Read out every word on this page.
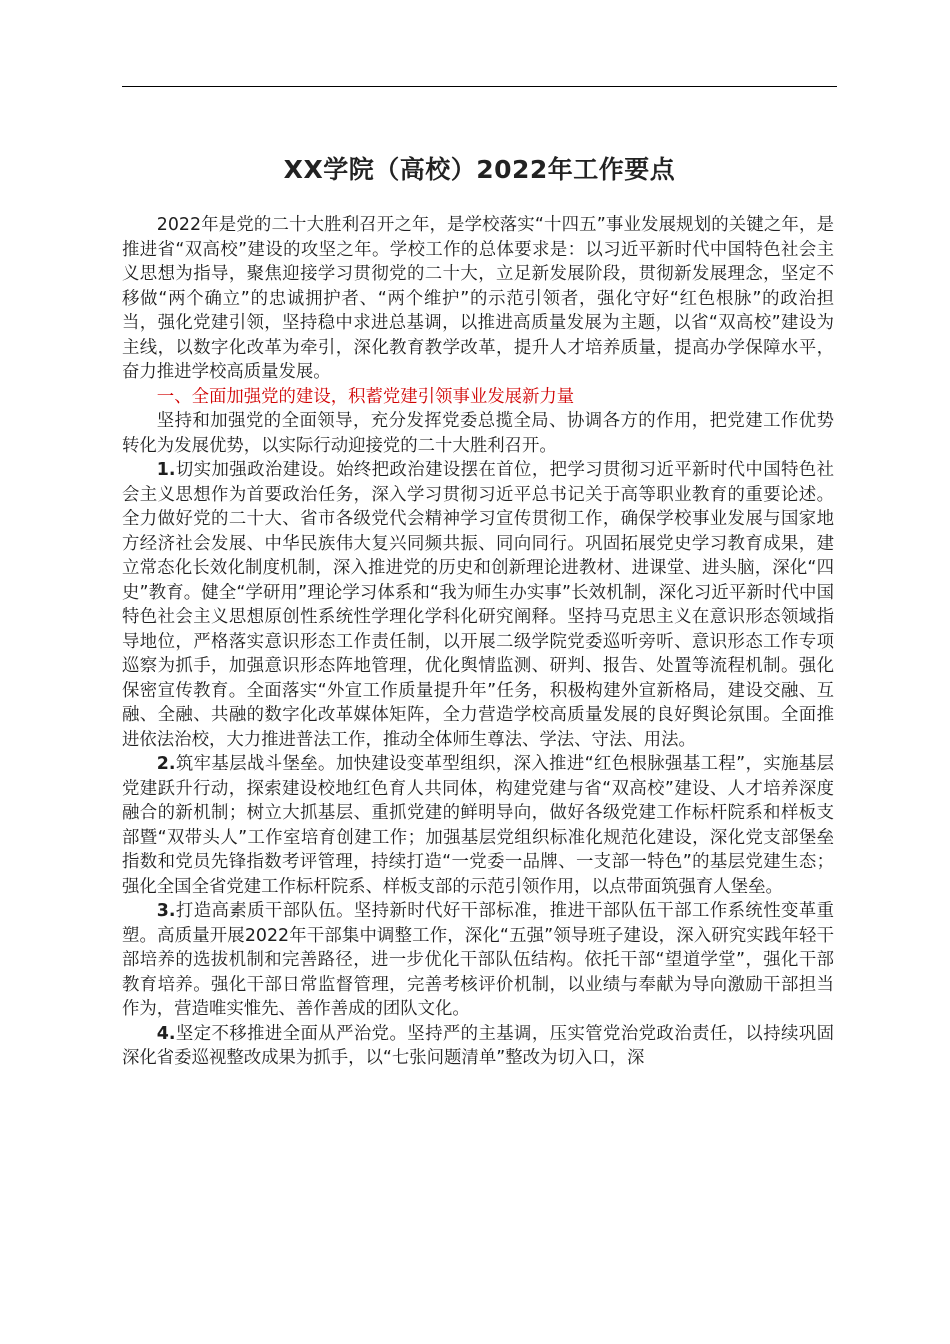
XX学院（高校）2022年工作要点

2022年是党的二十大胜利召开之年，是学校落实“十四五”事业发展规划的关键之年，是推进省“双高校”建设的攻坚之年。学校工作的总体要求是：以习近平新时代中国特色社会主义思想为指导，聚焦迎接学习贯彻党的二十大，立足新发展阶段，贯彻新发展理念，坚定不移做“两个确立”的忠诚拥护者、“两个维护”的示范引领者，强化守好“红色根脉”的政治担当，强化党建引领，坚持稳中求进总基调，以推进高质量发展为主题，以省“双高校”建设为主线，以数字化改革为牵引，深化教育教学改革，提升人才培养质量，提高办学保障水平，奋力推进学校高质量发展。

一、全面加强党的建设，积蓄党建引领事业发展新力量

坚持和加强党的全面领导，充分发挥党委总揽全局、协调各方的作用，把党建工作优势转化为发展优势，以实际行动迎接党的二十大胜利召开。

1.切实加强政治建设。始终把政治建设摆在首位，把学习贯彻习近平新时代中国特色社会主义思想作为首要政治任务，深入学习贯彻习近平总书记关于高等职业教育的重要论述。全力做好党的二十大、省市各级党代会精神学习宣传贯彻工作，确保学校事业发展与国家地方经济社会发展、中华民族伟大复兴同频共振、同向同行。巩固拓展党史学习教育成果，建立常态化长效化制度机制，深入推进党的历史和创新理论进教材、进课堂、进头脑，深化“四史”教育。健全“学研用”理论学习体系和“我为师生办实事”长效机制，深化习近平新时代中国特色社会主义思想原创性系统性学理化学科化研究阐释。坚持马克思主义在意识形态领域指导地位，严格落实意识形态工作责任制，以开展二级学院党委巡听旁听、意识形态工作专项巡察为抓手，加强意识形态阵地管理，优化舆情监测、研判、报告、处置等流程机制。强化保密宣传教育。全面落实“外宣工作质量提升年”任务，积极构建外宣新格局，建设交融、互融、全融、共融的数字化改革媒体矩阵，全力营造学校高质量发展的良好舆论氛围。全面推进依法治校，大力推进普法工作，推动全体师生尊法、学法、守法、用法。

2.筑牢基层战斗堡垒。加快建设变革型组织，深入推进“红色根脉强基工程”，实施基层党建跃升行动，探索建设校地红色育人共同体，构建党建与省“双高校”建设、人才培养深度融合的新机制；树立大抓基层、重抓党建的鲜明导向，做好各级党建工作标杆院系和样板支部暨“双带头人”工作室培育创建工作；加强基层党组织标准化规范化建设，深化党支部堡垒指数和党员先锋指数考评管理，持续打造“一党委一品牌、一支部一特色”的基层党建生态；强化全国全省党建工作标杆院系、样板支部的示范引领作用，以点带面筑强育人堡垒。

3.打造高素质干部队伍。坚持新时代好干部标准，推进干部队伍干部工作系统性变革重塑。高质量开展2022年干部集中调整工作，深化“五强”领导班子建设，深入研究实践年轻干部培养的选拔机制和完善路径，进一步优化干部队伍结构。依托干部“望道学堂”，强化干部教育培养。强化干部日常监督管理，完善考核评价机制，以业绩与奉献为导向激励干部担当作为，营造唯实惟先、善作善成的团队文化。

4.坚定不移推进全面从严治党。坚持严的主基调，压实管党治党政治责任，以持续巩固深化省委巡视整改成果为抓手，以“七张问题清单”整改为切入口，深
